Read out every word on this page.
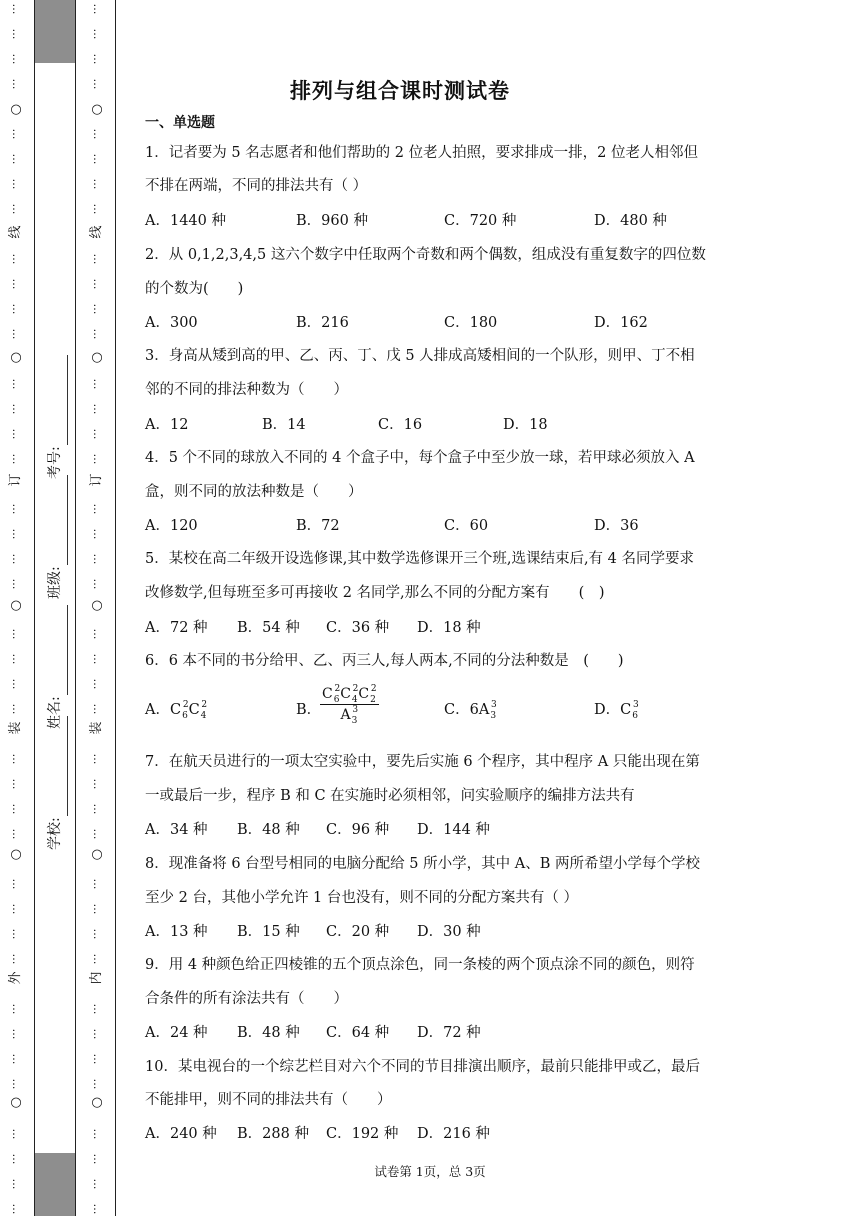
…
…
…
…
…
…
…
…
…
…
…
…
…
…
…
…
…
…
…
…
…
…
…
…
…
…
…
…
…
…
…
…
…
…
…
…
…
…
…
…
○
○
○
○
○
外
装
订
线
…
…
…
…
…
…
…
…
…
…
…
…
…
…
…
…
…
…
…
…
…
…
…
…
…
…
…
…
…
…
…
…
…
…
…
…
…
…
…
…
○
○
○
○
○
内
装
订
线
学校:
姓名:
班级:
考号:
排列与组合课时测试卷
一、单选题
1．记者要为 5 名志愿者和他们帮助的 2 位老人拍照，要求排成一排，2 位老人相邻但
不排在两端，不同的排法共有（ ）
A．1440 种	B．960 种	C．720 种	D．480 种
2．从 0,1,2,3,4,5 这六个数字中任取两个奇数和两个偶数，组成没有重复数字的四位数
的个数为(　　)
A．300	B．216	C．180	D．162
3．身高从矮到高的甲、乙、丙、丁、戊 5 人排成高矮相间的一个队形，则甲、丁不相
邻的不同的排法种数为（　　）
A．12	B．14	C．16	D．18
4．5 个不同的球放入不同的 4 个盒子中，每个盒子中至少放一球，若甲球必须放入 A
盒，则不同的放法种数是（　　）
A．120	B．72	C．60	D．36
5．某校在高二年级开设选修课,其中数学选修课开三个班,选课结束后,有 4 名同学要求
改修数学,但每班至多可再接收 2 名同学,那么不同的分配方案有　　(　)
A．72 种 B．54 种 C．36 种 D．18 种
6．6 本不同的书分给甲、乙、丙三人,每人两本,不同的分法种数是　(　　)
A．$C_6^2C_4^2$	B．
$\frac{C_6^2C_4^2C_2^2}{A_3^3}$	C．$6A_3^3$	D．$C_6^3$
7．在航天员进行的一项太空实验中，要先后实施 6 个程序，其中程序 A 只能出现在第
一或最后一步，程序 B 和 C 在实施时必须相邻，问实验顺序的编排方法共有
A．34 种 B．48 种 C．96 种 D．144 种
8．现准备将 6 台型号相同的电脑分配给 5 所小学，其中 A、B 两所希望小学每个学校
至少 2 台，其他小学允许 1 台也没有，则不同的分配方案共有（ ）
A．13 种 B．15 种 C．20 种 D．30 种
9．用 4 种颜色给正四棱锥的五个顶点涂色，同一条棱的两个顶点涂不同的颜色，则符
合条件的所有涂法共有（　　）
A．24 种 B．48 种 C．64 种 D．72 种
10．某电视台的一个综艺栏目对六个不同的节目排演出顺序，最前只能排甲或乙，最后
不能排甲，则不同的排法共有（　　）
A．240 种 B．288 种 C．192 种 D．216 种
试卷第 1页，总 3页
